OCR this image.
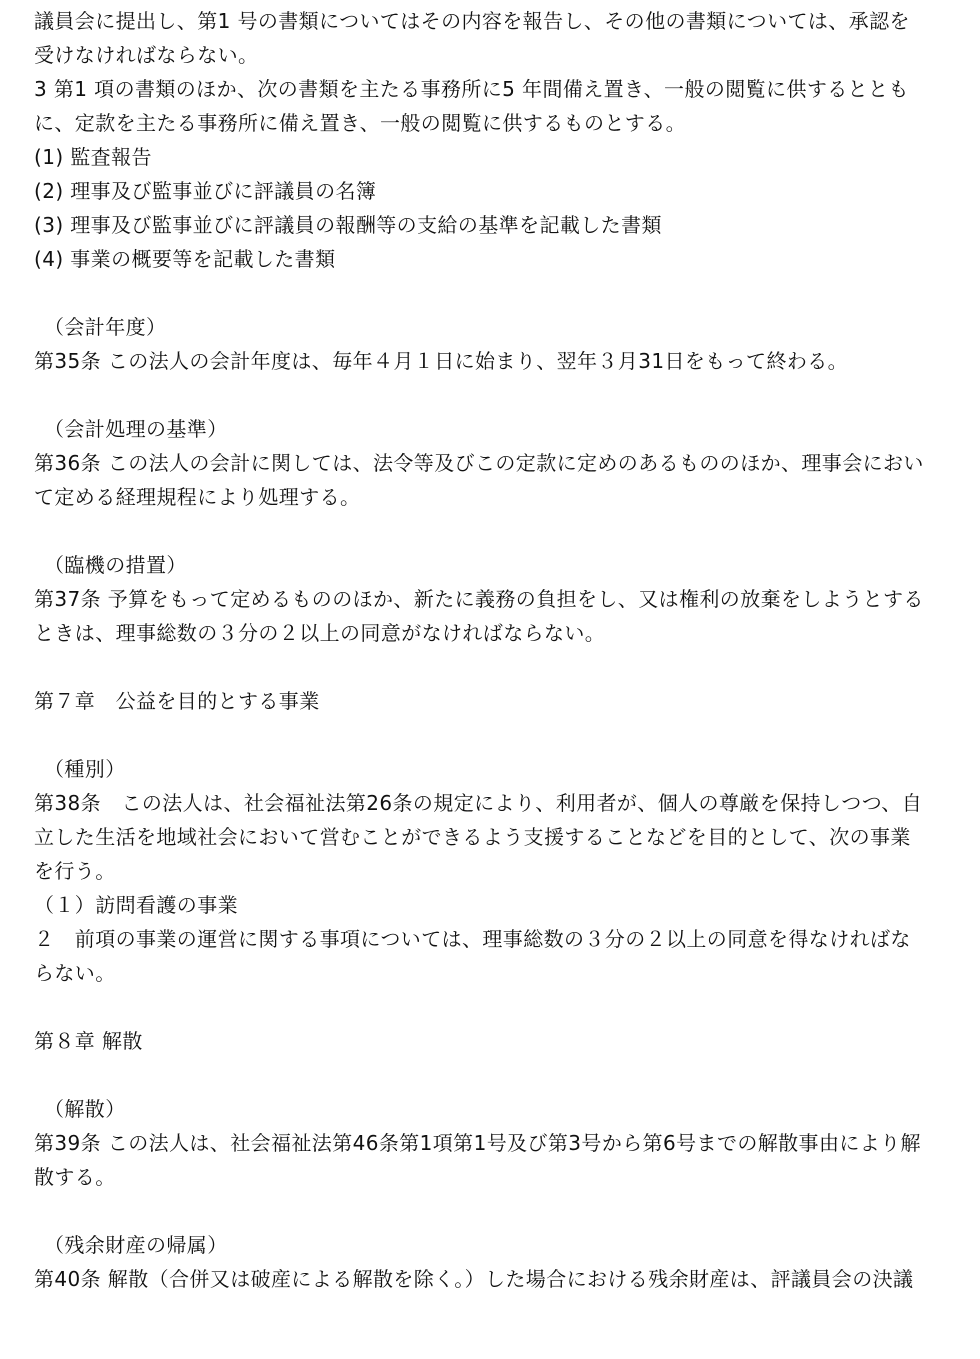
議員会に提出し、第1 号の書類についてはその内容を報告し、その他の書類については、承認を
受けなければならない。
3 第1 項の書類のほか、次の書類を主たる事務所に5 年間備え置き、一般の閲覧に供するととも
に、定款を主たる事務所に備え置き、一般の閲覧に供するものとする。
(1) 監査報告
(2) 理事及び監事並びに評議員の名簿
(3) 理事及び監事並びに評議員の報酬等の支給の基準を記載した書類
(4) 事業の概要等を記載した書類
（会計年度）
第35条 この法人の会計年度は、毎年４月１日に始まり、翌年３月31日をもって終わる。
（会計処理の基準）
第36条 この法人の会計に関しては、法令等及びこの定款に定めのあるもののほか、理事会におい
て定める経理規程により処理する。
（臨機の措置）
第37条 予算をもって定めるもののほか、新たに義務の負担をし、又は権利の放棄をしようとする
ときは、理事総数の３分の２以上の同意がなければならない。
第７章　公益を目的とする事業
（種別）
第38条　この法人は、社会福祉法第26条の規定により、利用者が、個人の尊厳を保持しつつ、自
立した生活を地域社会において営むことができるよう支援することなどを目的として、次の事業
を行う。
（１）訪問看護の事業
２　前項の事業の運営に関する事項については、理事総数の３分の２以上の同意を得なければな
らない。
第８章 解散
（解散）
第39条 この法人は、社会福祉法第46条第1項第1号及び第3号から第6号までの解散事由により解
散する。
（残余財産の帰属）
第40条 解散（合併又は破産による解散を除く。）した場合における残余財産は、評議員会の決議
